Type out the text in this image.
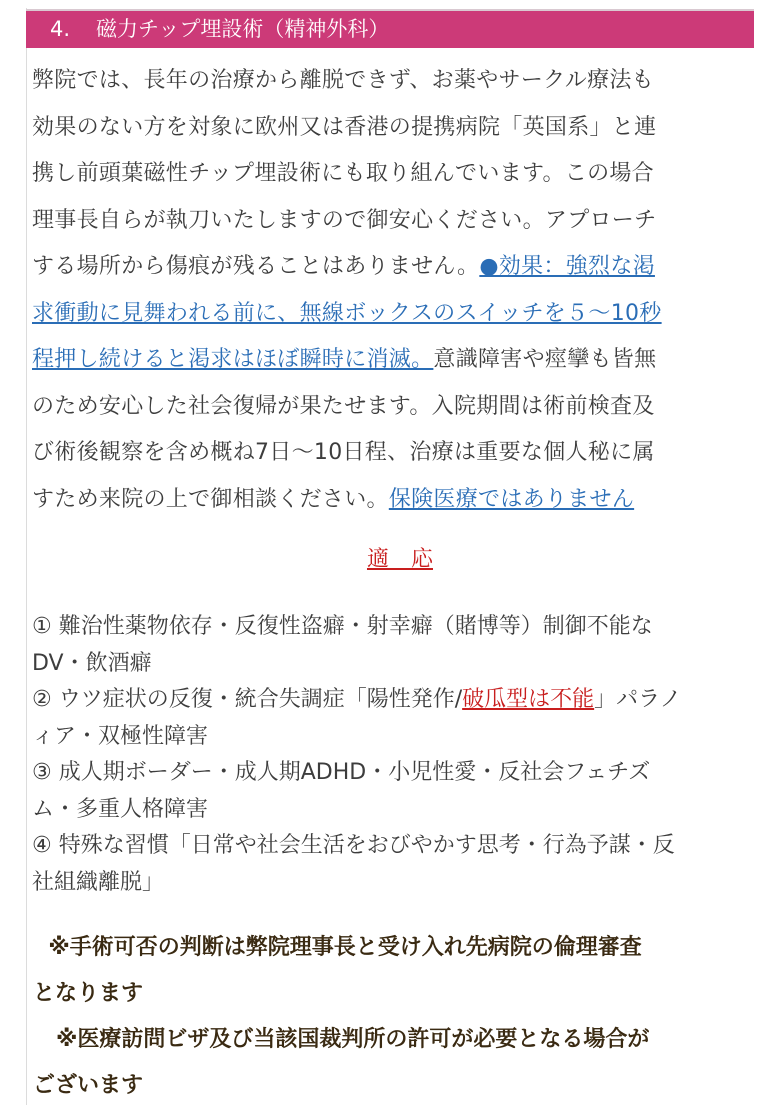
4. 磁力チップ埋設術（精神外科）
弊院では、長年の治療から離脱できず、お薬やサークル療法も
効果のない方を対象に欧州又は香港の提携病院「英国系」と連
携し前頭葉磁性チップ埋設術にも取り組んでいます。この場合
理事長自らが執刀いたしますので御安心ください。アプローチ
する場所から傷痕が残ることはありません。●効果：強烈な渇
求衝動に見舞われる前に、無線ボックスのスイッチを５〜10秒
程押し続けると渇求はほぼ瞬時に消滅。意識障害や痙攣も皆無
のため安心した社会復帰が果たせます。入院期間は術前検査及
び術後観察を含め概ね7日〜10日程、治療は重要な個人秘に属
すため来院の上で御相談ください。保険医療ではありません
適　応
① 難治性薬物依存・反復性盗癖・射幸癖（賭博等）制御不能な
DV・飲酒癖
② ウツ症状の反復・統合失調症「陽性発作/破瓜型は不能」パラノ
ィア・双極性障害
③ 成人期ボーダー・成人期ADHD・小児性愛・反社会フェチズ
ム・多重人格障害
④ 特殊な習慣「日常や社会生活をおびやかす思考・行為予謀・反
社組織離脱」
※手術可否の判断は弊院理事長と受け入れ先病院の倫理審査
となります
※医療訪問ビザ及び当該国裁判所の許可が必要となる場合が
ございます
